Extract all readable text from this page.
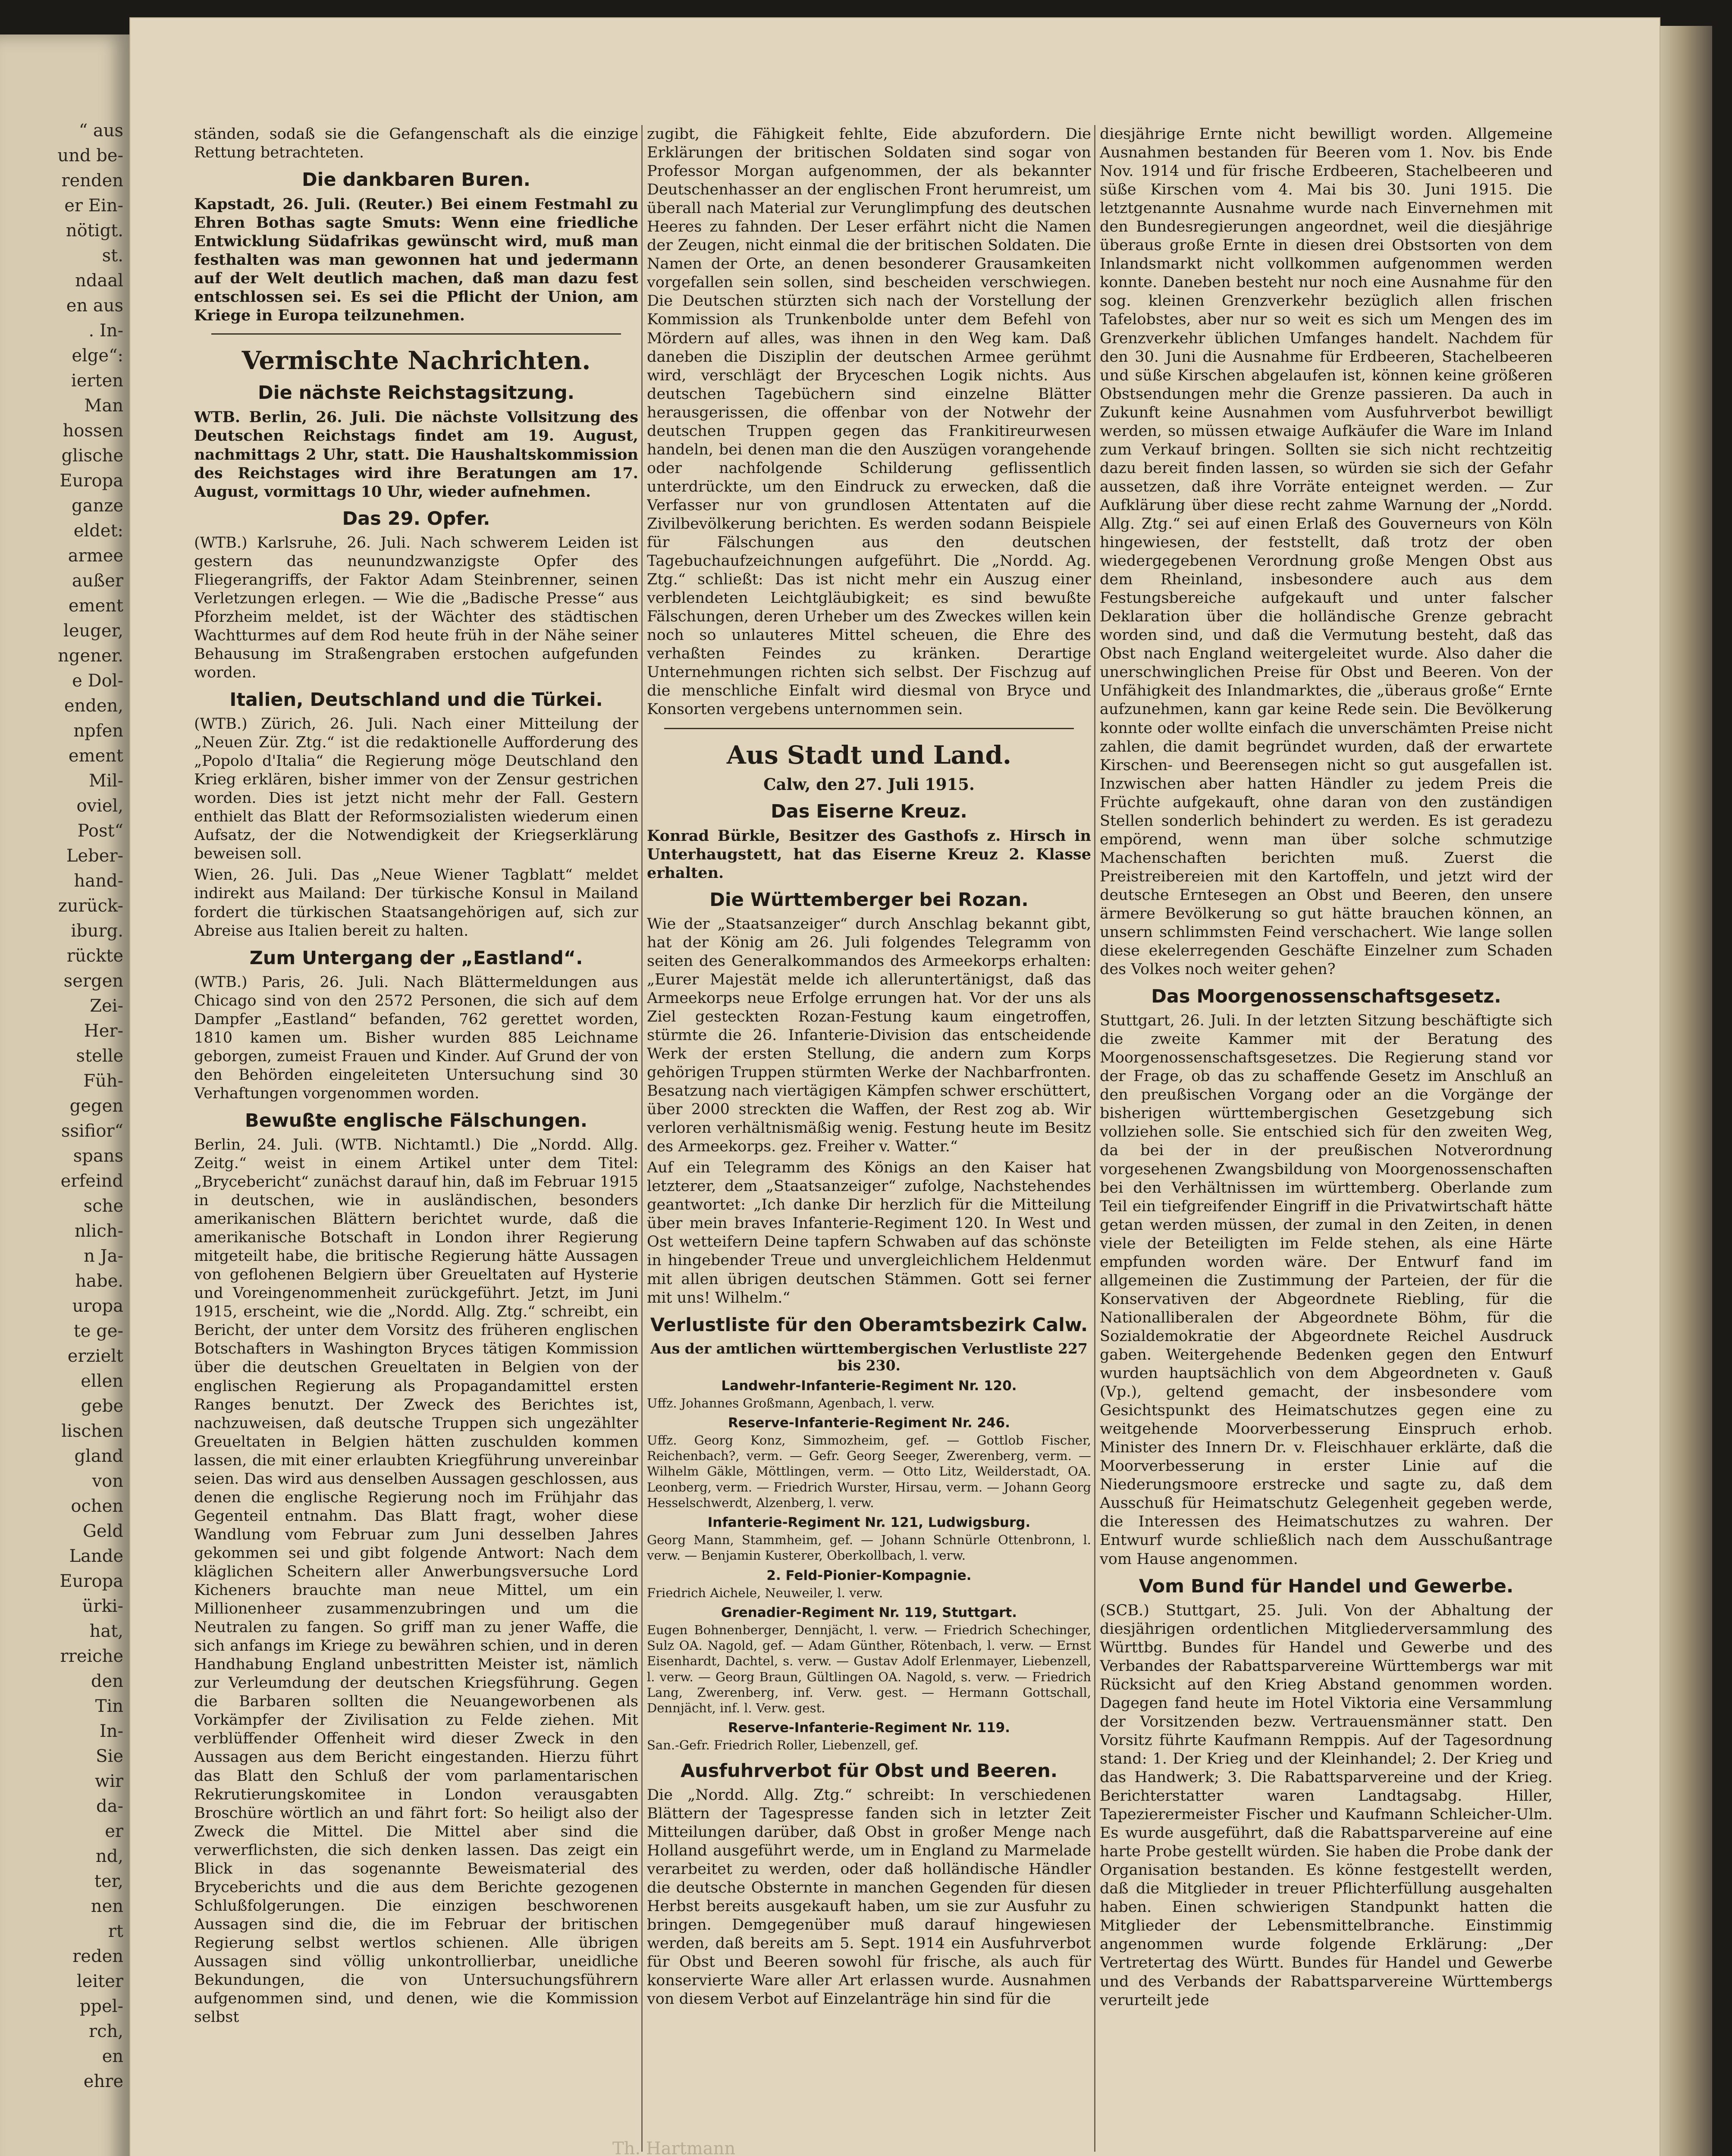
“ aus
und be-
renden
er Ein-
nötigt.
st.
ndaal
en aus
. In-
elge“:
ierten
Man
hossen
glische
Europa
ganze
eldet:
armee
außer
ement
leuger,
ngener.
e Dol-
enden,
npfen
ement
Mil-
oviel,
Post“
Leber-
hand-
zurück-
iburg.
rückte
sergen
Zei-
Her-
stelle
Füh-
gegen
ssifior“
spans
erfeind
sche
nlich-
n Ja-
habe.
uropa
te ge-
erzielt
ellen
gebe
lischen
gland
von
ochen
Geld
Lande
Europa
ürki-
hat,
rreiche
den
Tin
In-
Sie
wir
da-
er
nd,
ter,
nen
rt
reden
leiter
ppel-
rch,
en
ehre

ständen, sodaß sie die Gefangenschaft als die einzige Rettung betrachteten.

Die dankbaren Buren.

Kapstadt, 26. Juli. (Reuter.) Bei einem Festmahl zu Ehren Bothas sagte Smuts: Wenn eine friedliche Entwicklung Südafrikas gewünscht wird, muß man festhalten was man gewonnen hat und jedermann auf der Welt deutlich machen, daß man dazu fest entschlossen sei. Es sei die Pflicht der Union, am Kriege in Europa teilzunehmen.

Vermischte Nachrichten.
Die nächste Reichstagsitzung.

WTB. Berlin, 26. Juli. Die nächste Vollsitzung des Deutschen Reichstags findet am 19. August, nachmittags 2 Uhr, statt. Die Haushaltskommission des Reichstages wird ihre Beratungen am 17. August, vormittags 10 Uhr, wieder aufnehmen.

Das 29. Opfer.

(WTB.) Karlsruhe, 26. Juli. Nach schwerem Leiden ist gestern das neunundzwanzigste Opfer des Fliegerangriffs, der Faktor Adam Steinbrenner, seinen Verletzungen erlegen. — Wie die „Badische Presse“ aus Pforzheim meldet, ist der Wächter des städtischen Wachtturmes auf dem Rod heute früh in der Nähe seiner Behausung im Straßengraben erstochen aufgefunden worden.

Italien, Deutschland und die Türkei.

(WTB.) Zürich, 26. Juli. Nach einer Mitteilung der „Neuen Zür. Ztg.“ ist die redaktionelle Aufforderung des „Popolo d'Italia“ die Regierung möge Deutschland den Krieg erklären, bisher immer von der Zensur gestrichen worden. Dies ist jetzt nicht mehr der Fall. Gestern enthielt das Blatt der Reformsozialisten wiederum einen Aufsatz, der die Notwendigkeit der Kriegserklärung beweisen soll.

Wien, 26. Juli. Das „Neue Wiener Tagblatt“ meldet indirekt aus Mailand: Der türkische Konsul in Mailand fordert die türkischen Staatsangehörigen auf, sich zur Abreise aus Italien bereit zu halten.

Zum Untergang der „Eastland“.

(WTB.) Paris, 26. Juli. Nach Blättermeldungen aus Chicago sind von den 2572 Personen, die sich auf dem Dampfer „Eastland“ befanden, 762 gerettet worden, 1810 kamen um. Bisher wurden 885 Leichname geborgen, zumeist Frauen und Kinder. Auf Grund der von den Behörden eingeleiteten Untersuchung sind 30 Verhaftungen vorgenommen worden.

Bewußte englische Fälschungen.

Berlin, 24. Juli. (WTB. Nichtamtl.) Die „Nordd. Allg. Zeitg.“ weist in einem Artikel unter dem Titel: „Brycebericht“ zunächst darauf hin, daß im Februar 1915 in deutschen, wie in ausländischen, besonders amerikanischen Blättern berichtet wurde, daß die amerikanische Botschaft in London ihrer Regierung mitgeteilt habe, die britische Regierung hätte Aussagen von geflohenen Belgiern über Greueltaten auf Hysterie und Voreingenommenheit zurückgeführt. Jetzt, im Juni 1915, erscheint, wie die „Nordd. Allg. Ztg.“ schreibt, ein Bericht, der unter dem Vorsitz des früheren englischen Botschafters in Washington Bryces tätigen Kommission über die deutschen Greueltaten in Belgien von der englischen Regierung als Propagandamittel ersten Ranges benutzt. Der Zweck des Berichtes ist, nachzuweisen, daß deutsche Truppen sich ungezählter Greueltaten in Belgien hätten zuschulden kommen lassen, die mit einer erlaubten Kriegführung unvereinbar seien. Das wird aus denselben Aussagen geschlossen, aus denen die englische Regierung noch im Frühjahr das Gegenteil entnahm. Das Blatt fragt, woher diese Wandlung vom Februar zum Juni desselben Jahres gekommen sei und gibt folgende Antwort: Nach dem kläglichen Scheitern aller Anwerbungsversuche Lord Kicheners brauchte man neue Mittel, um ein Millionenheer zusammenzubringen und um die Neutralen zu fangen. So griff man zu jener Waffe, die sich anfangs im Kriege zu bewähren schien, und in deren Handhabung England unbestritten Meister ist, nämlich zur Verleumdung der deutschen Kriegsführung. Gegen die Barbaren sollten die Neuangeworbenen als Vorkämpfer der Zivilisation zu Felde ziehen. Mit verblüffender Offenheit wird dieser Zweck in den Aussagen aus dem Bericht eingestanden. Hierzu führt das Blatt den Schluß der vom parlamentarischen Rekrutierungskomitee in London verausgabten Broschüre wörtlich an und fährt fort: So heiligt also der Zweck die Mittel. Die Mittel aber sind die verwerflichsten, die sich denken lassen. Das zeigt ein Blick in das sogenannte Beweismaterial des Bryceberichts und die aus dem Berichte gezogenen Schlußfolgerungen. Die einzigen beschworenen Aussagen sind die, die im Februar der britischen Regierung selbst wertlos schienen. Alle übrigen Aussagen sind völlig unkontrollierbar, uneidliche Bekundungen, die von Untersuchungsführern aufgenommen sind, und denen, wie die Kommission selbst

zugibt, die Fähigkeit fehlte, Eide abzufordern. Die Erklärungen der britischen Soldaten sind sogar von Professor Morgan aufgenommen, der als bekannter Deutschenhasser an der englischen Front herumreist, um überall nach Material zur Verunglimpfung des deutschen Heeres zu fahnden. Der Leser erfährt nicht die Namen der Zeugen, nicht einmal die der britischen Soldaten. Die Namen der Orte, an denen besonderer Grausamkeiten vorgefallen sein sollen, sind bescheiden verschwiegen. Die Deutschen stürzten sich nach der Vorstellung der Kommission als Trunkenbolde unter dem Befehl von Mördern auf alles, was ihnen in den Weg kam. Daß daneben die Disziplin der deutschen Armee gerühmt wird, verschlägt der Bryceschen Logik nichts. Aus deutschen Tagebüchern sind einzelne Blätter herausgerissen, die offenbar von der Notwehr der deutschen Truppen gegen das Frankitireurwesen handeln, bei denen man die den Auszügen vorangehende oder nachfolgende Schilderung geflissentlich unterdrückte, um den Eindruck zu erwecken, daß die Verfasser nur von grundlosen Attentaten auf die Zivilbevölkerung berichten. Es werden sodann Beispiele für Fälschungen aus den deutschen Tagebuchaufzeichnungen aufgeführt. Die „Nordd. Ag. Ztg.“ schließt: Das ist nicht mehr ein Auszug einer verblendeten Leichtgläubigkeit; es sind bewußte Fälschungen, deren Urheber um des Zweckes willen kein noch so unlauteres Mittel scheuen, die Ehre des verhaßten Feindes zu kränken. Derartige Unternehmungen richten sich selbst. Der Fischzug auf die menschliche Einfalt wird diesmal von Bryce und Konsorten vergebens unternommen sein.

Aus Stadt und Land.
Calw, den 27. Juli 1915.
Das Eiserne Kreuz.

Konrad Bürkle, Besitzer des Gasthofs z. Hirsch in Unterhaugstett, hat das Eiserne Kreuz 2. Klasse erhalten.

Die Württemberger bei Rozan.

Wie der „Staatsanzeiger“ durch Anschlag bekannt gibt, hat der König am 26. Juli folgendes Telegramm von seiten des Generalkommandos des Armeekorps erhalten: „Eurer Majestät melde ich alleruntertänigst, daß das Armeekorps neue Erfolge errungen hat. Vor der uns als Ziel gesteckten Rozan-Festung kaum eingetroffen, stürmte die 26. Infanterie-Division das entscheidende Werk der ersten Stellung, die andern zum Korps gehörigen Truppen stürmten Werke der Nachbarfronten. Besatzung nach viertägigen Kämpfen schwer erschüttert, über 2000 streckten die Waffen, der Rest zog ab. Wir verloren verhältnismäßig wenig. Festung heute im Besitz des Armeekorps. gez. Freiher v. Watter.“

Auf ein Telegramm des Königs an den Kaiser hat letzterer, dem „Staatsanzeiger“ zufolge, Nachstehendes geantwortet: „Ich danke Dir herzlich für die Mitteilung über mein braves Infanterie-Regiment 120. In West und Ost wetteifern Deine tapfern Schwaben auf das schönste in hingebender Treue und unvergleichlichem Heldenmut mit allen übrigen deutschen Stämmen. Gott sei ferner mit uns! Wilhelm.“

Verlustliste für den Oberamtsbezirk Calw.
Aus der amtlichen württembergischen Verlustliste 227 bis 230.
Landwehr-Infanterie-Regiment Nr. 120.

Uffz. Johannes Großmann, Agenbach, l. verw.

Reserve-Infanterie-Regiment Nr. 246.

Uffz. Georg Konz, Simmozheim, gef. — Gottlob Fischer, Reichenbach?, verm. — Gefr. Georg Seeger, Zwerenberg, verm. — Wilhelm Gäkle, Möttlingen, verm. — Otto Litz, Weilderstadt, OA. Leonberg, verm. — Friedrich Wurster, Hirsau, verm. — Johann Georg Hesselschwerdt, Alzenberg, l. verw.

Infanterie-Regiment Nr. 121, Ludwigsburg.

Georg Mann, Stammheim, gef. — Johann Schnürle Ottenbronn, l. verw. — Benjamin Kusterer, Oberkollbach, l. verw.

2. Feld-Pionier-Kompagnie.

Friedrich Aichele, Neuweiler, l. verw.

Grenadier-Regiment Nr. 119, Stuttgart.

Eugen Bohnenberger, Dennjächt, l. verw. — Friedrich Schechinger, Sulz OA. Nagold, gef. — Adam Günther, Rötenbach, l. verw. — Ernst Eisenhardt, Dachtel, s. verw. — Gustav Adolf Erlenmayer, Liebenzell, l. verw. — Georg Braun, Gültlingen OA. Nagold, s. verw. — Friedrich Lang, Zwerenberg, inf. Verw. gest. — Hermann Gottschall, Dennjächt, inf. l. Verw. gest.

Reserve-Infanterie-Regiment Nr. 119.

San.-Gefr. Friedrich Roller, Liebenzell, gef.

Ausfuhrverbot für Obst und Beeren.

Die „Nordd. Allg. Ztg.“ schreibt: In verschiedenen Blättern der Tagespresse fanden sich in letzter Zeit Mitteilungen darüber, daß Obst in großer Menge nach Holland ausgeführt werde, um in England zu Marmelade verarbeitet zu werden, oder daß holländische Händler die deutsche Obsternte in manchen Gegenden für diesen Herbst bereits ausgekauft haben, um sie zur Ausfuhr zu bringen. Demgegenüber muß darauf hingewiesen werden, daß bereits am 5. Sept. 1914 ein Ausfuhrverbot für Obst und Beeren sowohl für frische, als auch für konservierte Ware aller Art erlassen wurde. Ausnahmen von diesem Verbot auf Einzelanträge hin sind für die

diesjährige Ernte nicht bewilligt worden. Allgemeine Ausnahmen bestanden für Beeren vom 1. Nov. bis Ende Nov. 1914 und für frische Erdbeeren, Stachelbeeren und süße Kirschen vom 4. Mai bis 30. Juni 1915. Die letztgenannte Ausnahme wurde nach Einvernehmen mit den Bundesregierungen angeordnet, weil die diesjährige überaus große Ernte in diesen drei Obstsorten von dem Inlandsmarkt nicht vollkommen aufgenommen werden konnte. Daneben besteht nur noch eine Ausnahme für den sog. kleinen Grenzverkehr bezüglich allen frischen Tafelobstes, aber nur so weit es sich um Mengen des im Grenzverkehr üblichen Umfanges handelt. Nachdem für den 30. Juni die Ausnahme für Erdbeeren, Stachelbeeren und süße Kirschen abgelaufen ist, können keine größeren Obstsendungen mehr die Grenze passieren. Da auch in Zukunft keine Ausnahmen vom Ausfuhrverbot bewilligt werden, so müssen etwaige Aufkäufer die Ware im Inland zum Verkauf bringen. Sollten sie sich nicht rechtzeitig dazu bereit finden lassen, so würden sie sich der Gefahr aussetzen, daß ihre Vorräte enteignet werden. — Zur Aufklärung über diese recht zahme Warnung der „Nordd. Allg. Ztg.“ sei auf einen Erlaß des Gouverneurs von Köln hingewiesen, der feststellt, daß trotz der oben wiedergegebenen Verordnung große Mengen Obst aus dem Rheinland, insbesondere auch aus dem Festungsbereiche aufgekauft und unter falscher Deklaration über die holländische Grenze gebracht worden sind, und daß die Vermutung besteht, daß das Obst nach England weitergeleitet wurde. Also daher die unerschwinglichen Preise für Obst und Beeren. Von der Unfähigkeit des Inlandmarktes, die „überaus große“ Ernte aufzunehmen, kann gar keine Rede sein. Die Bevölkerung konnte oder wollte einfach die unverschämten Preise nicht zahlen, die damit begründet wurden, daß der erwartete Kirschen- und Beerensegen nicht so gut ausgefallen ist. Inzwischen aber hatten Händler zu jedem Preis die Früchte aufgekauft, ohne daran von den zuständigen Stellen sonderlich behindert zu werden. Es ist geradezu empörend, wenn man über solche schmutzige Machenschaften berichten muß. Zuerst die Preistreibereien mit den Kartoffeln, und jetzt wird der deutsche Erntesegen an Obst und Beeren, den unsere ärmere Bevölkerung so gut hätte brauchen können, an unsern schlimmsten Feind verschachert. Wie lange sollen diese ekelerregenden Geschäfte Einzelner zum Schaden des Volkes noch weiter gehen?

Das Moorgenossenschaftsgesetz.

Stuttgart, 26. Juli. In der letzten Sitzung beschäftigte sich die zweite Kammer mit der Beratung des Moorgenossenschaftsgesetzes. Die Regierung stand vor der Frage, ob das zu schaffende Gesetz im Anschluß an den preußischen Vorgang oder an die Vorgänge der bisherigen württembergischen Gesetzgebung sich vollziehen solle. Sie entschied sich für den zweiten Weg, da bei der in der preußischen Notverordnung vorgesehenen Zwangsbildung von Moorgenossenschaften bei den Verhältnissen im württemberg. Oberlande zum Teil ein tiefgreifender Eingriff in die Privatwirtschaft hätte getan werden müssen, der zumal in den Zeiten, in denen viele der Beteiligten im Felde stehen, als eine Härte empfunden worden wäre. Der Entwurf fand im allgemeinen die Zustimmung der Parteien, der für die Konservativen der Abgeordnete Riebling, für die Nationalliberalen der Abgeordnete Böhm, für die Sozialdemokratie der Abgeordnete Reichel Ausdruck gaben. Weitergehende Bedenken gegen den Entwurf wurden hauptsächlich von dem Abgeordneten v. Gauß (Vp.), geltend gemacht, der insbesondere vom Gesichtspunkt des Heimatschutzes gegen eine zu weitgehende Moorverbesserung Einspruch erhob. Minister des Innern Dr. v. Fleischhauer erklärte, daß die Moorverbesserung in erster Linie auf die Niederungsmoore erstrecke und sagte zu, daß dem Ausschuß für Heimatschutz Gelegenheit gegeben werde, die Interessen des Heimatschutzes zu wahren. Der Entwurf wurde schließlich nach dem Ausschußantrage vom Hause angenommen.

Vom Bund für Handel und Gewerbe.

(SCB.) Stuttgart, 25. Juli. Von der Abhaltung der diesjährigen ordentlichen Mitgliederversammlung des Württbg. Bundes für Handel und Gewerbe und des Verbandes der Rabattsparvereine Württembergs war mit Rücksicht auf den Krieg Abstand genommen worden. Dagegen fand heute im Hotel Viktoria eine Versammlung der Vorsitzenden bezw. Vertrauensmänner statt. Den Vorsitz führte Kaufmann Remppis. Auf der Tagesordnung stand: 1. Der Krieg und der Kleinhandel; 2. Der Krieg und das Handwerk; 3. Die Rabattsparvereine und der Krieg. Berichterstatter waren Landtagsabg. Hiller, Tapezierermeister Fischer und Kaufmann Schleicher-Ulm. Es wurde ausgeführt, daß die Rabattsparvereine auf eine harte Probe gestellt würden. Sie haben die Probe dank der Organisation bestanden. Es könne festgestellt werden, daß die Mitglieder in treuer Pflichterfüllung ausgehalten haben. Einen schwierigen Standpunkt hatten die Mitglieder der Lebensmittelbranche. Einstimmig angenommen wurde folgende Erklärung: „Der Vertretertag des Württ. Bundes für Handel und Gewerbe und des Verbands der Rabattsparvereine Württembergs verurteilt jede

Th. Hartmann
